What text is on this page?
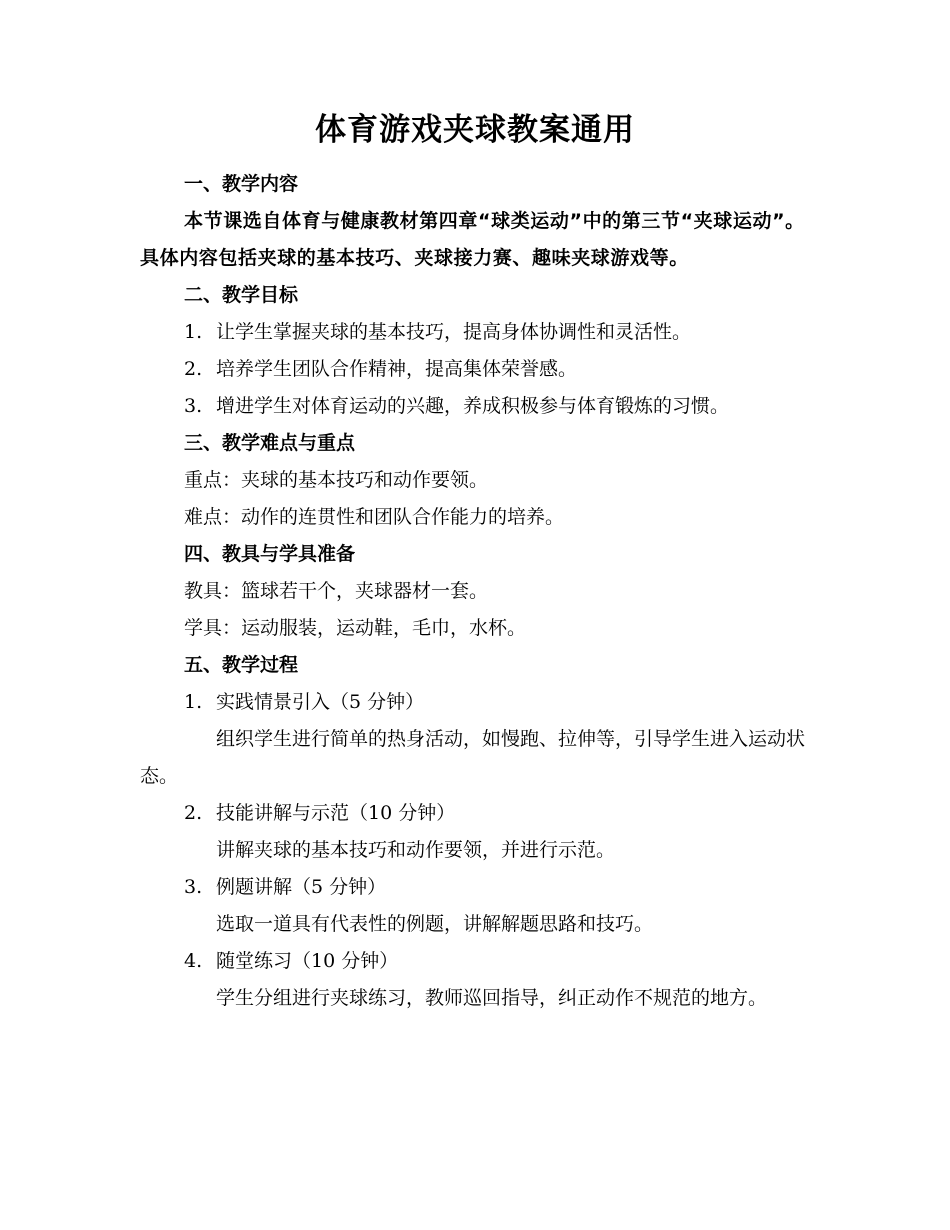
体育游戏夹球教案通用

一、教学内容

本节课选自体育与健康教材第四章“球类运动”中的第三节“夹球运动”。具体内容包括夹球的基本技巧、夹球接力赛、趣味夹球游戏等。

二、教学目标

1. 让学生掌握夹球的基本技巧，提高身体协调性和灵活性。

2. 培养学生团队合作精神，提高集体荣誉感。

3. 增进学生对体育运动的兴趣，养成积极参与体育锻炼的习惯。

三、教学难点与重点

重点：夹球的基本技巧和动作要领。

难点：动作的连贯性和团队合作能力的培养。

四、教具与学具准备

教具：篮球若干个，夹球器材一套。

学具：运动服装，运动鞋，毛巾，水杯。

五、教学过程

1. 实践情景引入（5 分钟）

组织学生进行简单的热身活动，如慢跑、拉伸等，引导学生进入运动状态。

2. 技能讲解与示范（10 分钟）

讲解夹球的基本技巧和动作要领，并进行示范。

3. 例题讲解（5 分钟）

选取一道具有代表性的例题，讲解解题思路和技巧。

4. 随堂练习（10 分钟）

学生分组进行夹球练习，教师巡回指导，纠正动作不规范的地方。
